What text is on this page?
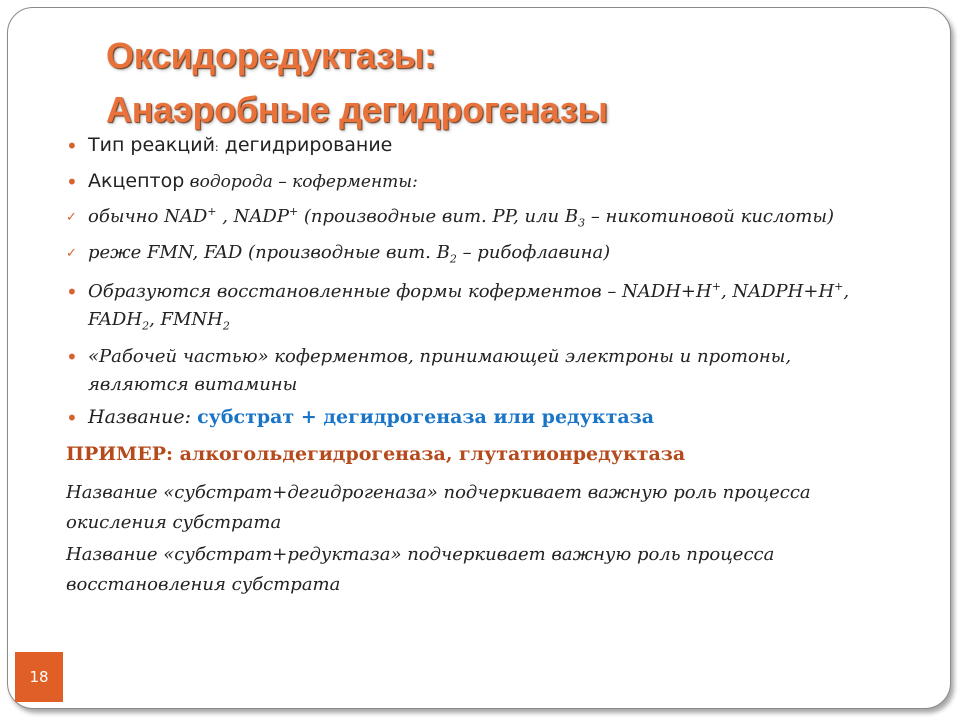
Оксидоредуктазы:
Анаэробные дегидрогеназы
• Тип реакций: дегидрирование
• Акцептор водорода – коферменты:
✓ обычно NAD+ , NADP+ (производные вит. PP, или $B_3$ – никотиновой кислоты)
✓ реже FMN, FAD (производные вит. $B_2$ – рибофлавина)
• Образуются восстановленные формы коферментов – NADH+H+, NADPH+H+,
$FADH_2$, $FMNH_2$
• «Рабочей частью» коферментов, принимающей электроны и протоны,
являются витамины
• Название: субстрат + дегидрогеназа или редуктаза
ПРИМЕР: алкогольдегидрогеназа, глутатионредуктаза
Название «субстрат+дегидрогеназа» подчеркивает важную роль процесса
окисления субстрата
Название «субстрат+редуктаза» подчеркивает важную роль процесса
восстановления субстрата
18
